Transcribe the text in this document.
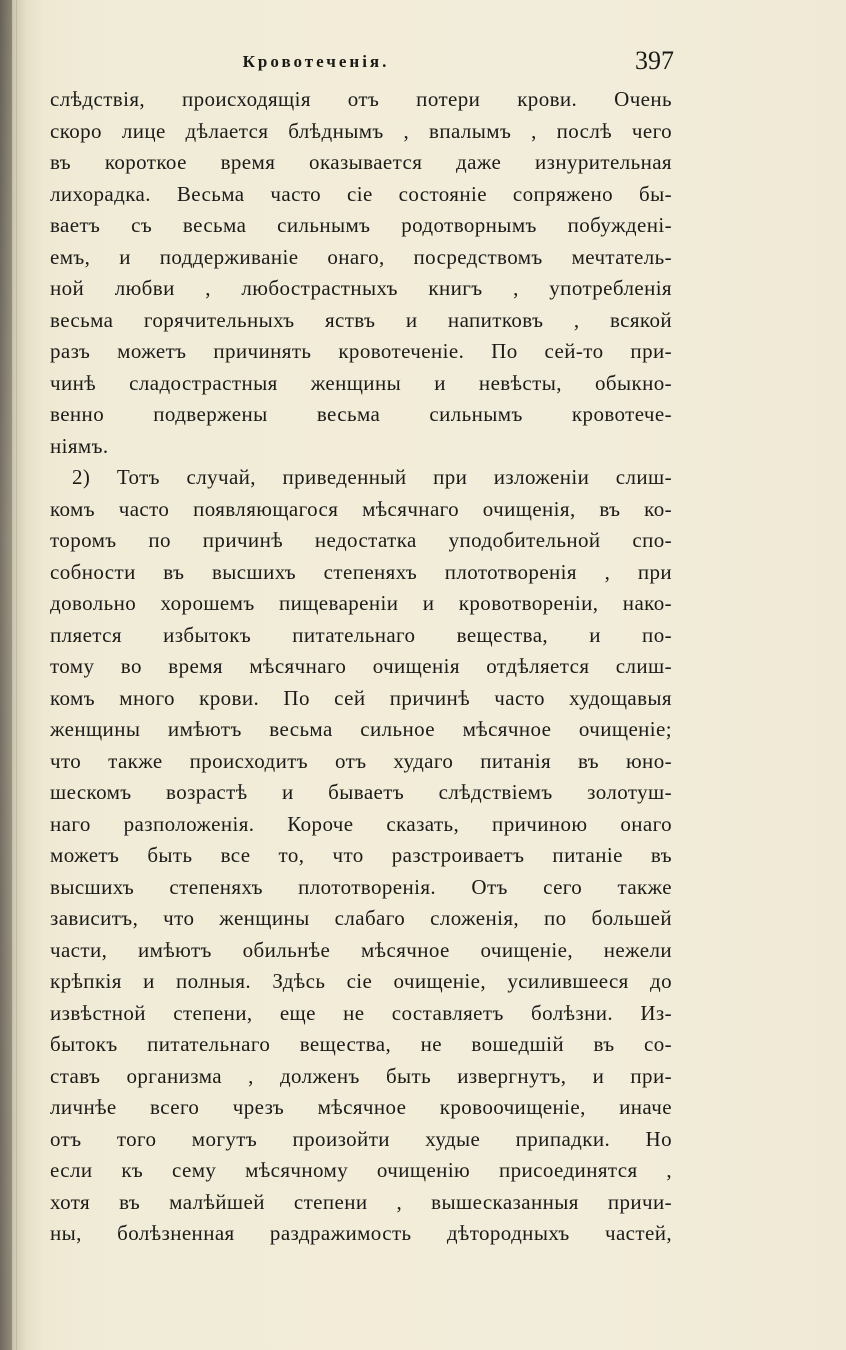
Кровотеченія.	397
слѣдствія, происходящія отъ потери крови. Очень
скоро лице дѣлается блѣднымъ , впалымъ , послѣ чего
въ короткое время оказывается даже изнурительная
лихорадка. Весьма часто сіе состояніе сопряжено бы-
ваетъ съ весьма сильнымъ родотворнымъ побужденi-
емъ, и поддерживаніе онаго, посредствомъ мечтатель-
ной любви , любострастныхъ книгъ , употребленія
весьма горячительныхъ яствъ и напитковъ , всякой
разъ можетъ причинять кровотеченіе. По сей-то при-
чинѣ сладострастныя женщины и невѣсты, обыкно-
венно подвержены весьма сильнымъ кровотече-
ніямъ.
2) Тотъ случай, приведенный при изложеніи слиш-
комъ часто появляющагося мѣсячнаго очищенія, въ ко-
торомъ по причинѣ недостатка уподобительной спо-
собности въ высшихъ степеняхъ плототворенія , при
довольно хорошемъ пищевареніи и кровотвореніи, нако-
пляется избытокъ питательнаго вещества, и по-
тому во время мѣсячнаго очищенія отдѣляется слиш-
комъ много крови. По сей причинѣ часто худощавыя
женщины имѣютъ весьма сильное мѣсячное очищеніе;
что также происходитъ отъ худаго питанія въ юно-
шескомъ возрастѣ и бываетъ слѣдствіемъ золотуш-
наго разположенія. Короче сказать, причиною онаго
можетъ быть все то, что разстроиваетъ питаніе въ
высшихъ степеняхъ плототворенія. Отъ сего также
зависитъ, что женщины слабаго сложенія, по большей
части, имѣютъ обильнѣе мѣсячное очищеніе, нежели
крѣпкія и полныя. Здѣсь сіе очищеніе, усилившееся до
извѣстной степени, еще не составляетъ болѣзни. Из-
бытокъ питательнаго вещества, не вошедшій въ со-
ставъ организма , долженъ быть извергнутъ, и при-
личнѣе всего чрезъ мѣсячное кровоочищеніе, иначе
отъ того могутъ произойти худые припадки. Но
если къ сему мѣсячному очищенію присоединятся ,
хотя въ малѣйшей степени , вышесказанныя причи-
ны, болѣзненная раздражимость дѣтородныхъ частей,
